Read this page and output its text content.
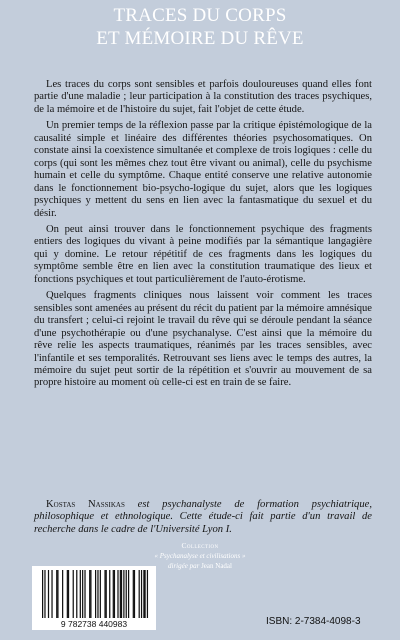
TRACES DU CORPS
ET MÉMOIRE DU RÊVE

Les traces du corps sont sensibles et parfois douloureuses quand elles font partie d'une maladie ; leur participation à la constitution des traces psychiques, de la mémoire et de l'histoire du sujet, fait l'objet de cette étude.

Un premier temps de la réflexion passe par la critique épistémologique de la causalité simple et linéaire des différentes théories psychosomatiques. On constate ainsi la coexistence simultanée et complexe de trois logiques : celle du corps (qui sont les mêmes chez tout être vivant ou animal), celle du psychisme humain et celle du symptôme. Chaque entité conserve une relative autonomie dans le fonctionnement bio-psycho-logique du sujet, alors que les logiques psychiques y mettent du sens en lien avec la fantasmatique du sexuel et du désir.

On peut ainsi trouver dans le fonctionnement psychique des fragments entiers des logiques du vivant à peine modifiés par la sémantique langagière qui y domine. Le retour répétitif de ces fragments dans les logiques du symptôme semble être en lien avec la constitution traumatique des lieux et fonctions psychiques et tout particulièrement de l'auto-érotisme.

Quelques fragments cliniques nous laissent voir comment les traces sensibles sont amenées au présent du récit du patient par la mémoire amnésique du transfert ; celui-ci rejoint le travail du rêve qui se déroule pendant la séance d'une psychothérapie ou d'une psychanalyse. C'est ainsi que la mémoire du rêve relie les aspects traumatiques, réanimés par les traces sensibles, avec l'infantile et ses temporalités. Retrouvant ses liens avec le temps des autres, la mémoire du sujet peut sortir de la répétition et s'ouvrir au mouvement de sa propre histoire au moment où celle-ci est en train de se faire.

Kostas Nassikas est psychanalyste de formation psychiatrique, philosophique et ethnologique. Cette étude-ci fait partie d'un travail de recherche dans le cadre de l'Université Lyon I.

Collection
« Psychanalyse et civilisations »
dirigée par Jean Nadal
9 782738 440983	ISBN: 2-7384-4098-3
